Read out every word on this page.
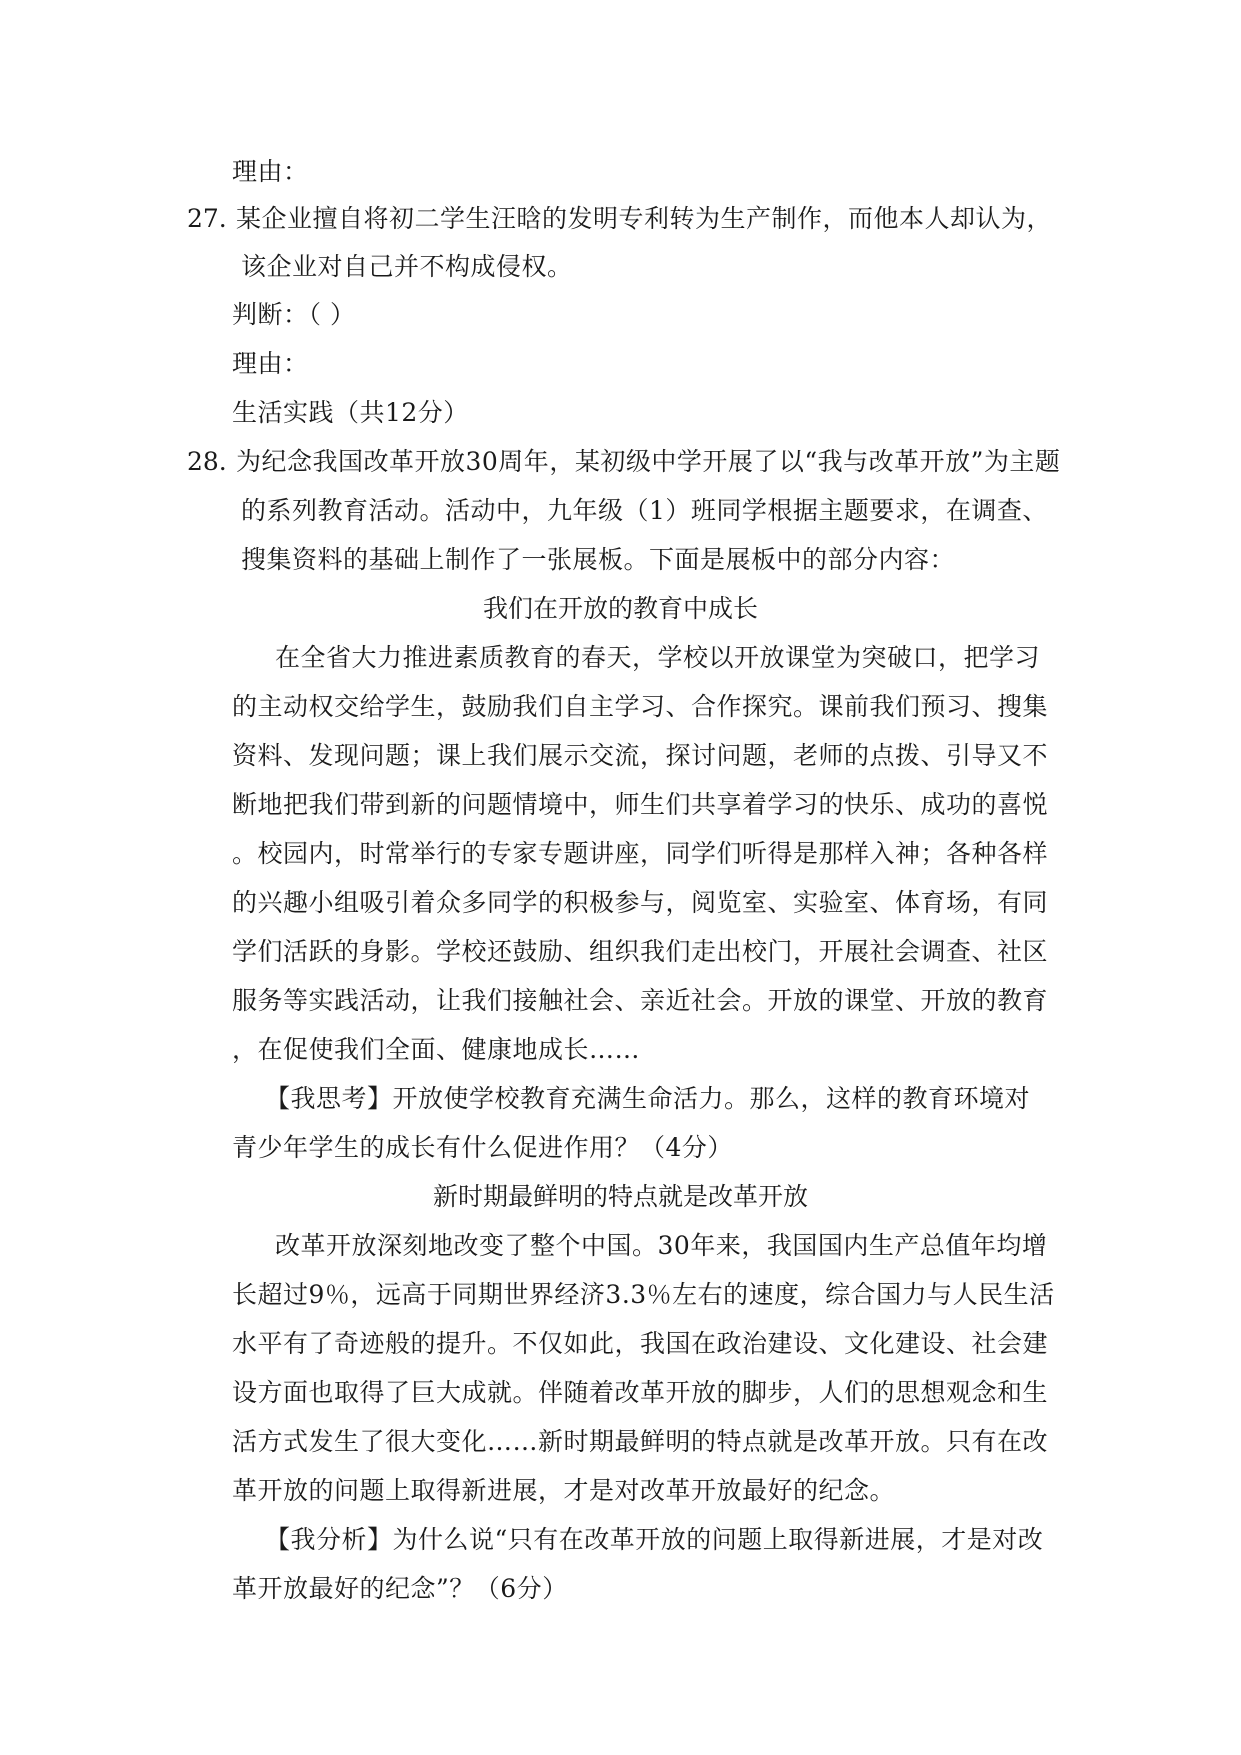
理由：
27. 某企业擅自将初二学生汪晗的发明专利转为生产制作，而他本人却认为，
该企业对自己并不构成侵权。
判断：（ ）
理由：
生活实践（共12分）
28. 为纪念我国改革开放30周年，某初级中学开展了以“我与改革开放”为主题
的系列教育活动。活动中，九年级（1）班同学根据主题要求，在调查、
搜集资料的基础上制作了一张展板。下面是展板中的部分内容：
我们在开放的教育中成长
在全省大力推进素质教育的春天，学校以开放课堂为突破口，把学习
的主动权交给学生，鼓励我们自主学习、合作探究。课前我们预习、搜集
资料、发现问题；课上我们展示交流，探讨问题，老师的点拨、引导又不
断地把我们带到新的问题情境中，师生们共享着学习的快乐、成功的喜悦
。校园内，时常举行的专家专题讲座，同学们听得是那样入神；各种各样
的兴趣小组吸引着众多同学的积极参与，阅览室、实验室、体育场，有同
学们活跃的身影。学校还鼓励、组织我们走出校门，开展社会调查、社区
服务等实践活动，让我们接触社会、亲近社会。开放的课堂、开放的教育
，在促使我们全面、健康地成长……
【我思考】开放使学校教育充满生命活力。那么，这样的教育环境对
青少年学生的成长有什么促进作用？（4分）
新时期最鲜明的特点就是改革开放
改革开放深刻地改变了整个中国。30年来，我国国内生产总值年均增
长超过9％，远高于同期世界经济3.3％左右的速度，综合国力与人民生活
水平有了奇迹般的提升。不仅如此，我国在政治建设、文化建设、社会建
设方面也取得了巨大成就。伴随着改革开放的脚步，人们的思想观念和生
活方式发生了很大变化……新时期最鲜明的特点就是改革开放。只有在改
革开放的问题上取得新进展，才是对改革开放最好的纪念。
【我分析】为什么说“只有在改革开放的问题上取得新进展，才是对改
革开放最好的纪念”？（6分）
